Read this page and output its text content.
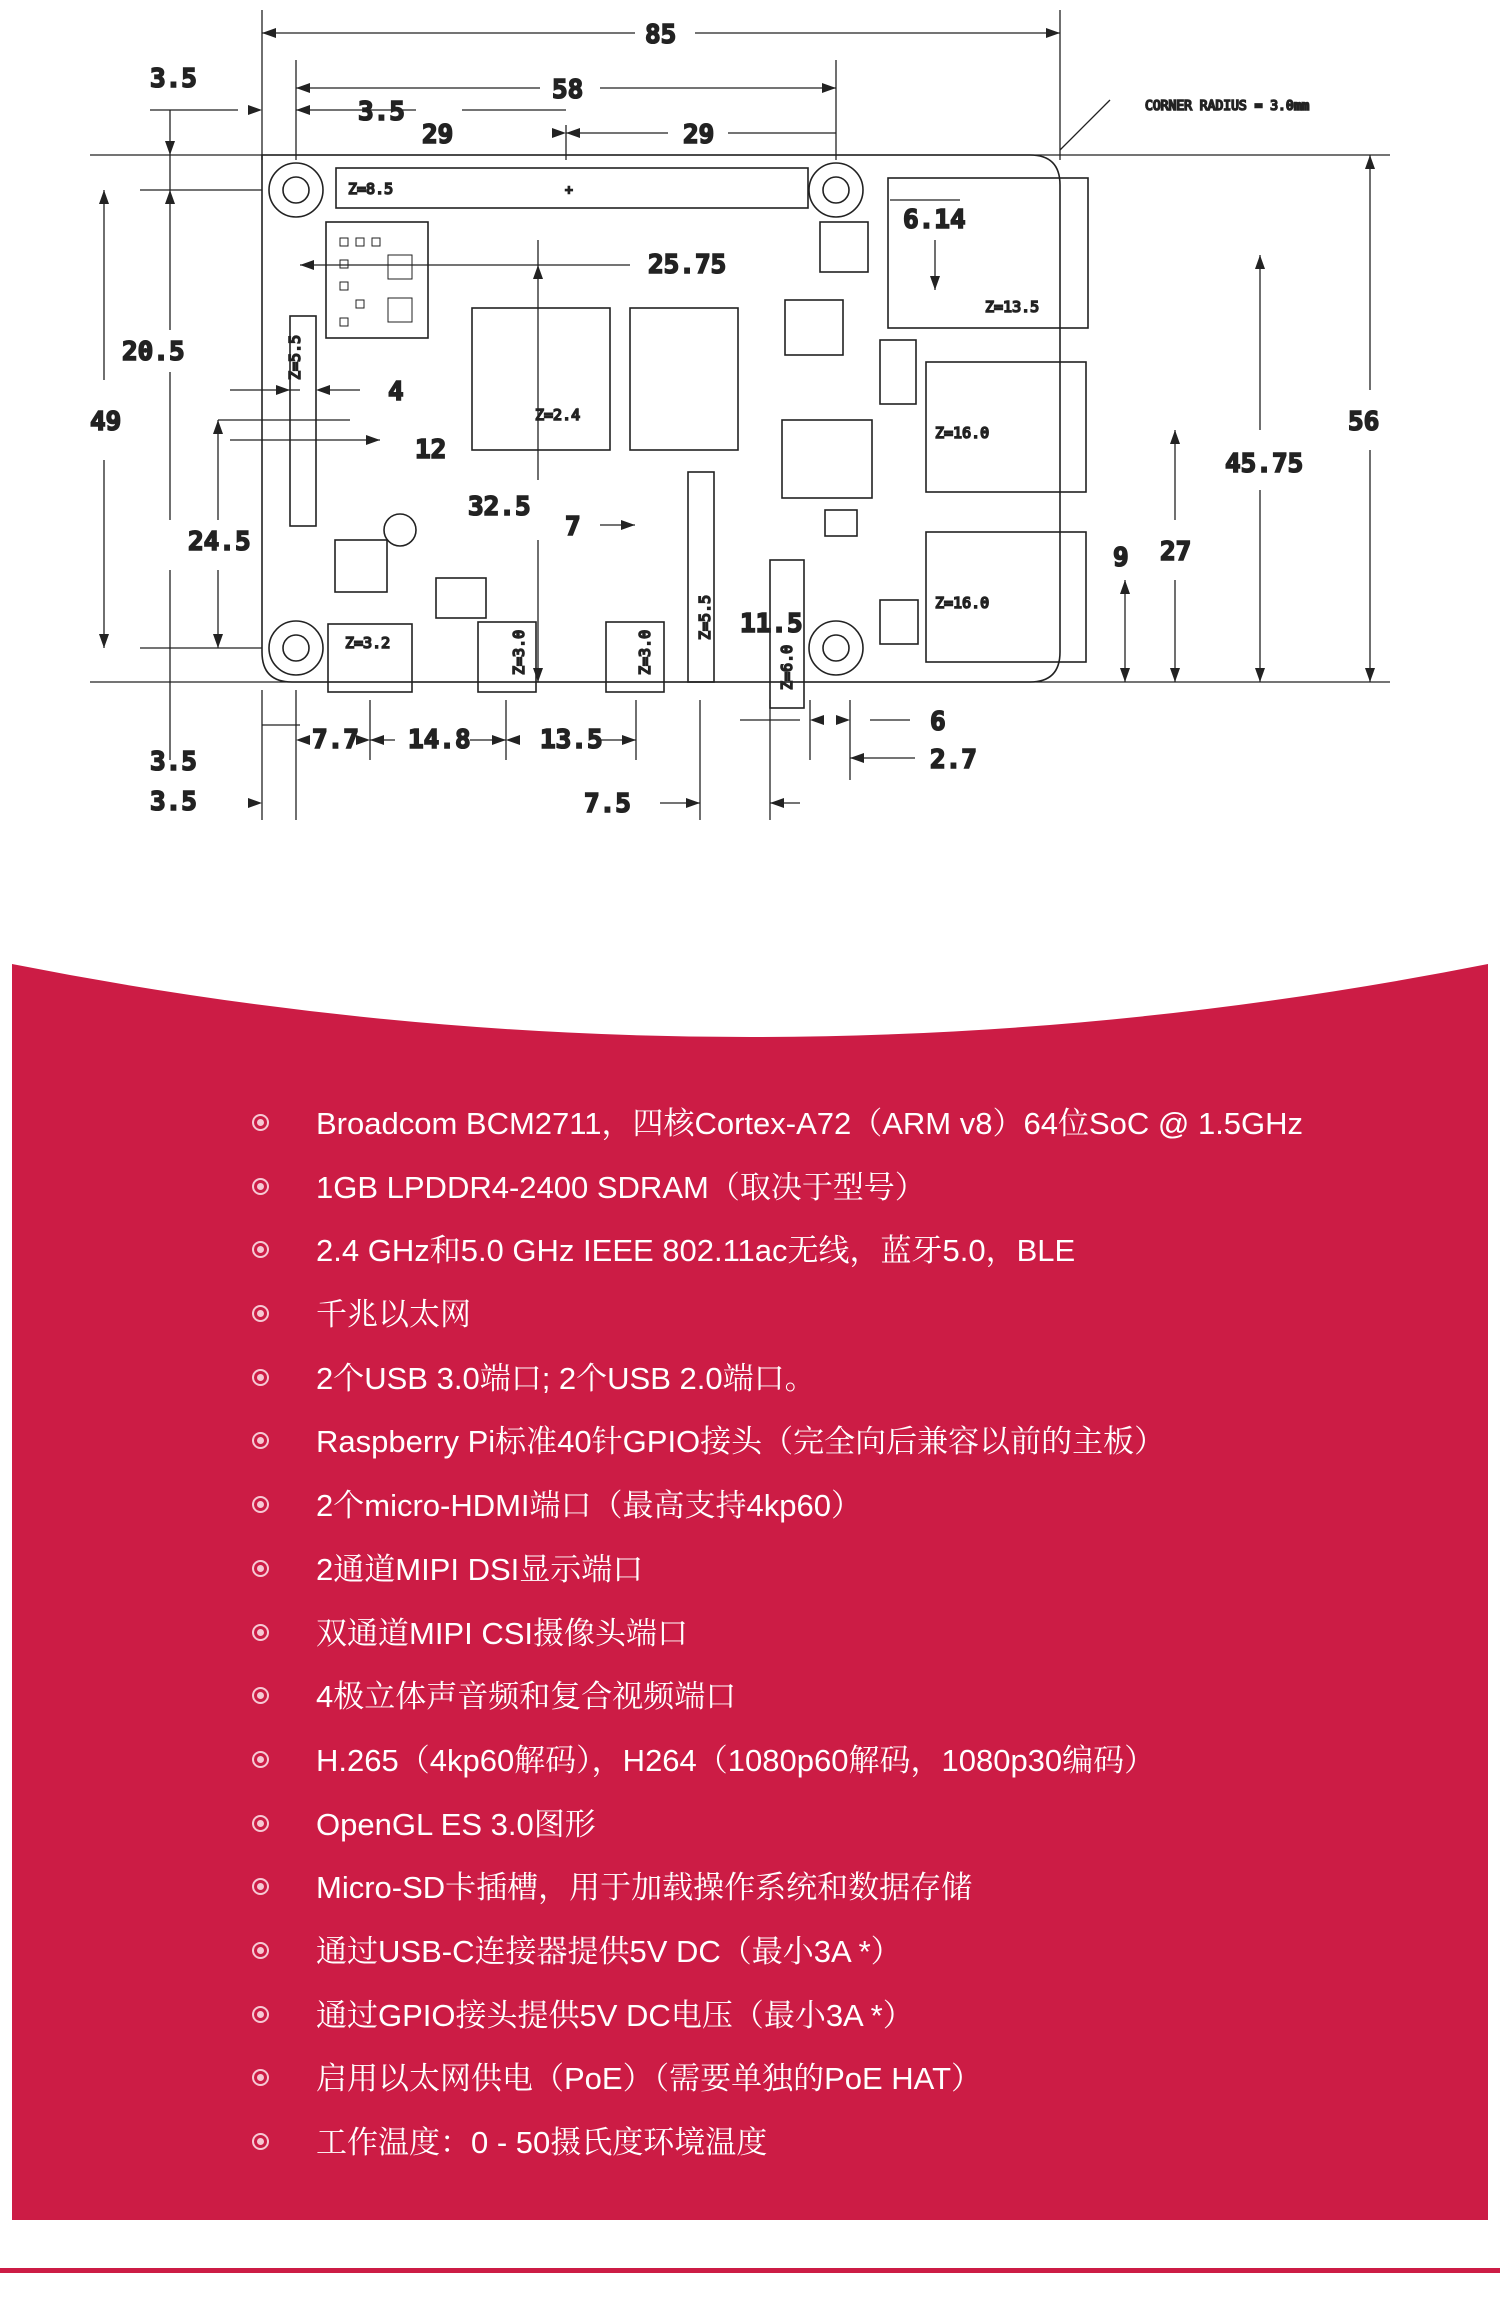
Z=8.5	+
Z=2.4
Z=13.5
Z=16.0
Z=16.0
Z=5.5
Z=5.5
Z=3.2	Z=3.0	Z=3.0	Z=6.0
85
58
3.5
3.5
29	29
CORNER RADIUS = 3.0mm
6.14
25.75
20.5
49
4
12
32.5
7
24.5
11.5
56
45.75
27
9
3.5
3.5
7.7 14.8	13.5
7.5
6
2.7
Broadcom BCM2711，四核Cortex-A72（ARM v8）64位SoC @ 1.5GHz
1GB LPDDR4-2400 SDRAM（取决于型号）
2.4 GHz和5.0 GHz IEEE 802.11ac无线，蓝牙5.0，BLE
千兆以太网
2个USB 3.0端口; 2个USB 2.0端口。
Raspberry Pi标准40针GPIO接头（完全向后兼容以前的主板）
2个micro-HDMI端口（最高支持4kp60）
2通道MIPI DSI显示端口
双通道MIPI CSI摄像头端口
4极立体声音频和复合视频端口
H.265（4kp60解码），H264（1080p60解码，1080p30编码）
OpenGL ES 3.0图形
Micro-SD卡插槽，用于加载操作系统和数据存储
通过USB-C连接器提供5V DC（最小3A *）
通过GPIO接头提供5V DC电压（最小3A *）
启用以太网供电（PoE）（需要单独的PoE HAT）
工作温度：0 - 50摄氏度环境温度
